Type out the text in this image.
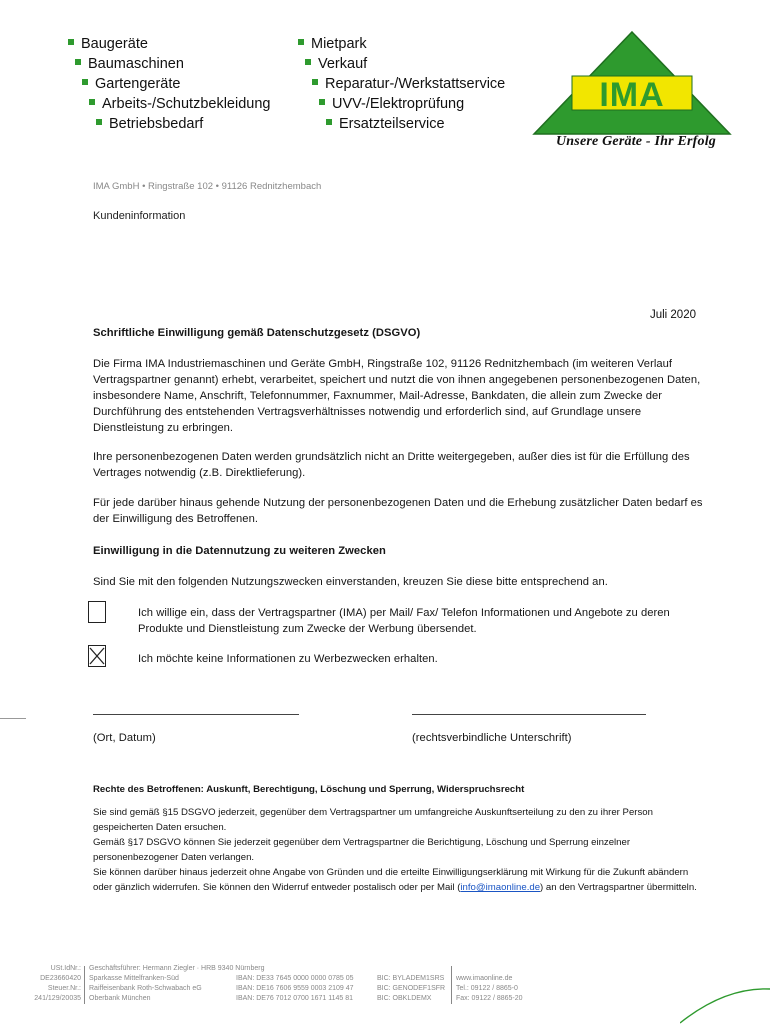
Baugeräte
Baumaschinen
Gartengeräte
Arbeits-/Schutzbekleidung
Betriebsbedarf
Mietpark
Verkauf
Reparatur-/Werkstattservice
UVV-/Elektroprüfung
Ersatzteilservice
IMA
Unsere Geräte - Ihr Erfolg
IMA GmbH • Ringstraße 102 • 91126 Rednitzhembach
Kundeninformation
Juli 2020
Schriftliche Einwilligung gemäß Datenschutzgesetz (DSGVO)
Die Firma IMA Industriemaschinen und Geräte GmbH, Ringstraße 102, 91126 Rednitzhembach (im weiteren Verlauf Vertragspartner genannt) erhebt, verarbeitet, speichert und nutzt die von ihnen angegebenen personenbezogenen Daten, insbesondere Name, Anschrift, Telefonnummer, Faxnummer, Mail-Adresse, Bankdaten, die allein zum Zwecke der Durchführung des entstehenden Vertragsverhältnisses notwendig und erforderlich sind, auf Grundlage unsere Dienstleistung zu erbringen.
Ihre personenbezogenen Daten werden grundsätzlich nicht an Dritte weitergegeben, außer dies ist für die Erfüllung des Vertrages notwendig (z.B. Direktlieferung).
Für jede darüber hinaus gehende Nutzung der personenbezogenen Daten und die Erhebung zusätzlicher Daten bedarf es der Einwilligung des Betroffenen.
Einwilligung in die Datennutzung zu weiteren Zwecken
Sind Sie mit den folgenden Nutzungszwecken einverstanden, kreuzen Sie diese bitte entsprechend an.
Ich willige ein, dass der Vertragspartner (IMA) per Mail/ Fax/ Telefon Informationen und Angebote zu deren Produkte und Dienstleistung zum Zwecke der Werbung übersendet.
Ich möchte keine Informationen zu Werbezwecken erhalten.
(Ort, Datum)	(rechtsverbindliche Unterschrift)
Rechte des Betroffenen: Auskunft, Berechtigung, Löschung und Sperrung, Widerspruchsrecht
Sie sind gemäß §15 DSGVO jederzeit, gegenüber dem Vertragspartner um umfangreiche Auskunftserteilung zu den zu ihrer Person gespeicherten Daten ersuchen.
Gemäß §17 DSGVO können Sie jederzeit gegenüber dem Vertragspartner die Berichtigung, Löschung und Sperrung einzelner personenbezogener Daten verlangen.
Sie können darüber hinaus jederzeit ohne Angabe von Gründen und die erteilte Einwilligungserklärung mit Wirkung für die Zukunft abändern oder gänzlich widerrufen. Sie können den Widerruf entweder postalisch oder per Mail (info@imaonline.de) an den Vertragspartner übermitteln.
USt.IdNr.:
DE23660420
Steuer.Nr.:
241/129/20035
Geschäftsführer: Hermann Ziegler · HRB 9340 Nürnberg
Sparkasse Mittelfranken-Süd
Raiffeisenbank Roth-Schwabach eG
Oberbank München
IBAN: DE33 7645 0000 0000 0785 05
IBAN: DE16 7606 9559 0003 2109 47
IBAN: DE76 7012 0700 1671 1145 81
BIC: BYLADEM1SRS
BIC: GENODEF1SFR
BIC: OBKLDEMX
www.imaonline.de
Tel.: 09122 / 8865-0
Fax: 09122 / 8865-20
